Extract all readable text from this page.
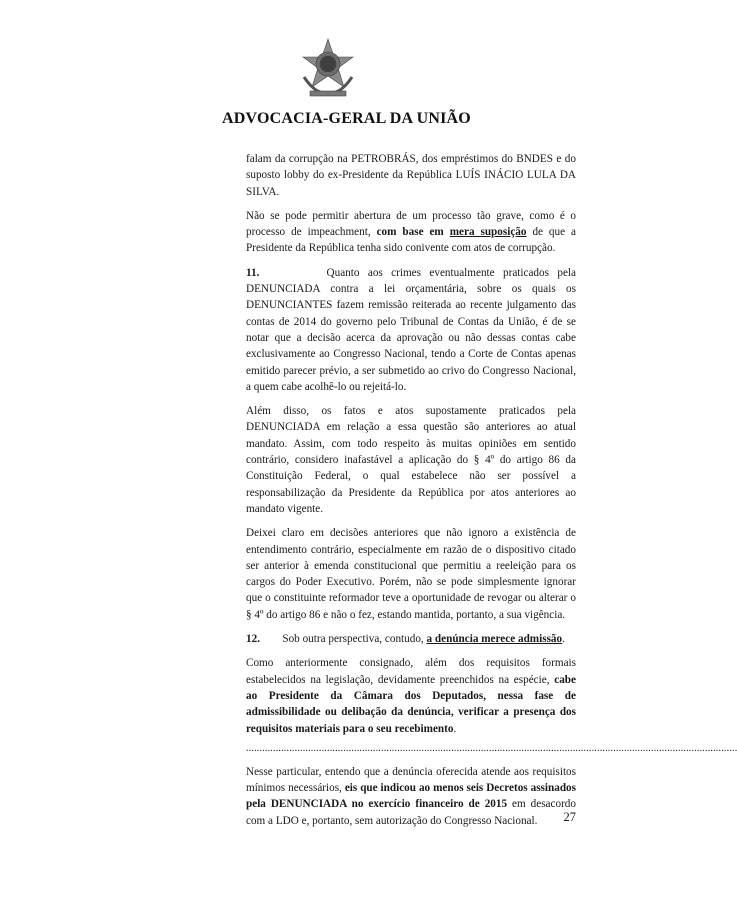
ADVOCACIA-GERAL DA UNIÃO

falam da corrupção na PETROBRÁS, dos empréstimos do BNDES e do suposto lobby do ex-Presidente da República LUÍS INÁCIO LULA DA SILVA.

Não se pode permitir abertura de um processo tão grave, como é o processo de impeachment, com base em mera suposição de que a Presidente da República tenha sido conivente com atos de corrupção.

11.	Quanto aos crimes eventualmente praticados pela DENUNCIADA contra a lei orçamentária, sobre os quais os DENUNCIANTES fazem remissão reiterada ao recente julgamento das contas de 2014 do governo pelo Tribunal de Contas da União, é de se notar que a decisão acerca da aprovação ou não dessas contas cabe exclusivamente ao Congresso Nacional, tendo a Corte de Contas apenas emitido parecer prévio, a ser submetido ao crivo do Congresso Nacional, a quem cabe acolhê-lo ou rejeitá-lo.

Além disso, os fatos e atos supostamente praticados pela DENUNCIADA em relação a essa questão são anteriores ao atual mandato. Assim, com todo respeito às muitas opiniões em sentido contrário, considero inafastável a aplicação do § 4º do artigo 86 da Constituição Federal, o qual estabelece não ser possível a responsabilização da Presidente da República por atos anteriores ao mandato vigente.

Deixei claro em decisões anteriores que não ignoro a existência de entendimento contrário, especialmente em razão de o dispositivo citado ser anterior à emenda constitucional que permitiu a reeleição para os cargos do Poder Executivo. Porém, não se pode simplesmente ignorar que o constituinte reformador teve a oportunidade de revogar ou alterar o § 4º do artigo 86 e não o fez, estando mantida, portanto, a sua vigência.

12. Sob outra perspectiva, contudo, a denúncia merece admissão.

Como anteriormente consignado, além dos requisitos formais estabelecidos na legislação, devidamente preenchidos na espécie, cabe ao Presidente da Câmara dos Deputados, nessa fase de admissibilidade ou delibação da denúncia, verificar a presença dos requisitos materiais para o seu recebimento.

......................................................................................................................................................................................

Nesse particular, entendo que a denúncia oferecida atende aos requisitos mínimos necessários, eis que indicou ao menos seis Decretos assinados pela DENUNCIADA no exercício financeiro de 2015 em desacordo com a LDO e, portanto, sem autorização do Congresso Nacional.	27
